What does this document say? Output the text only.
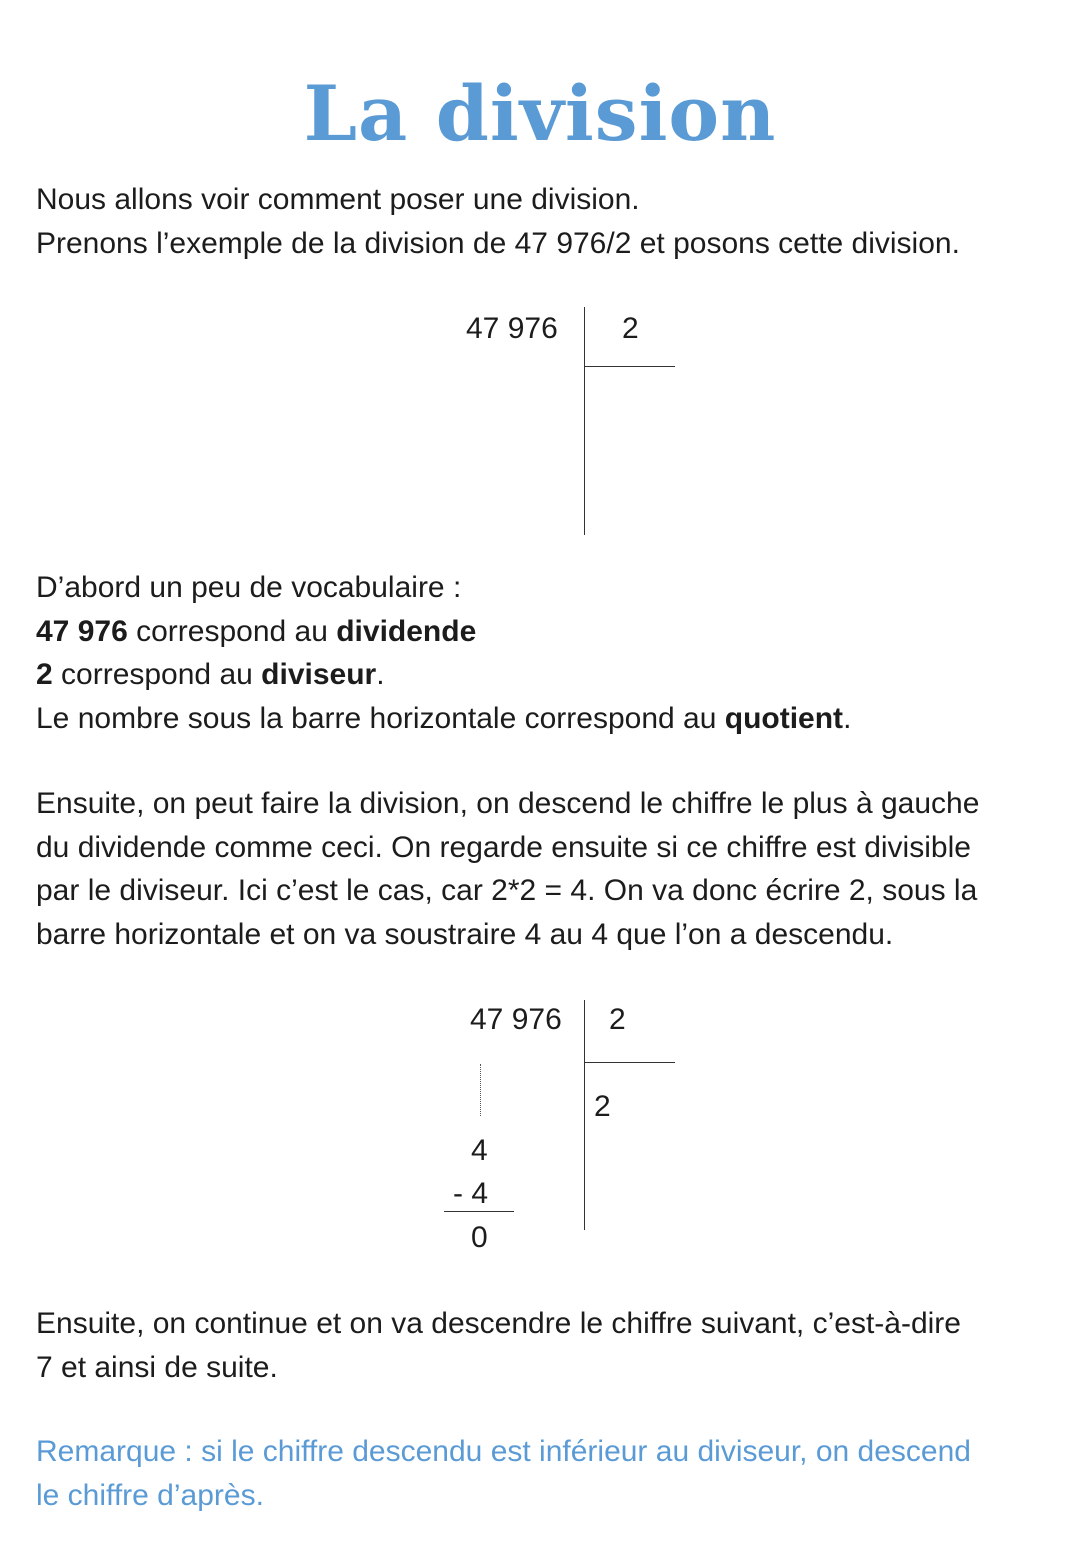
La division
Nous allons voir comment poser une division.
Prenons l’exemple de la division de 47 976/2 et posons cette division.
47 976 2
D’abord un peu de vocabulaire :
47 976 correspond au dividende
2 correspond au diviseur.
Le nombre sous la barre horizontale correspond au quotient.
Ensuite, on peut faire la division, on descend le chiffre le plus à gauche
du dividende comme ceci. On regarde ensuite si ce chiffre est divisible
par le diviseur. Ici c’est le cas, car 2*2 = 4. On va donc écrire 2, sous la
barre horizontale et on va soustraire 4 au 4 que l’on a descendu.
47 976 2
2
4
- 4
0
Ensuite, on continue et on va descendre le chiffre suivant, c’est-à-dire
7 et ainsi de suite.
Remarque : si le chiffre descendu est inférieur au diviseur, on descend
le chiffre d’après.
